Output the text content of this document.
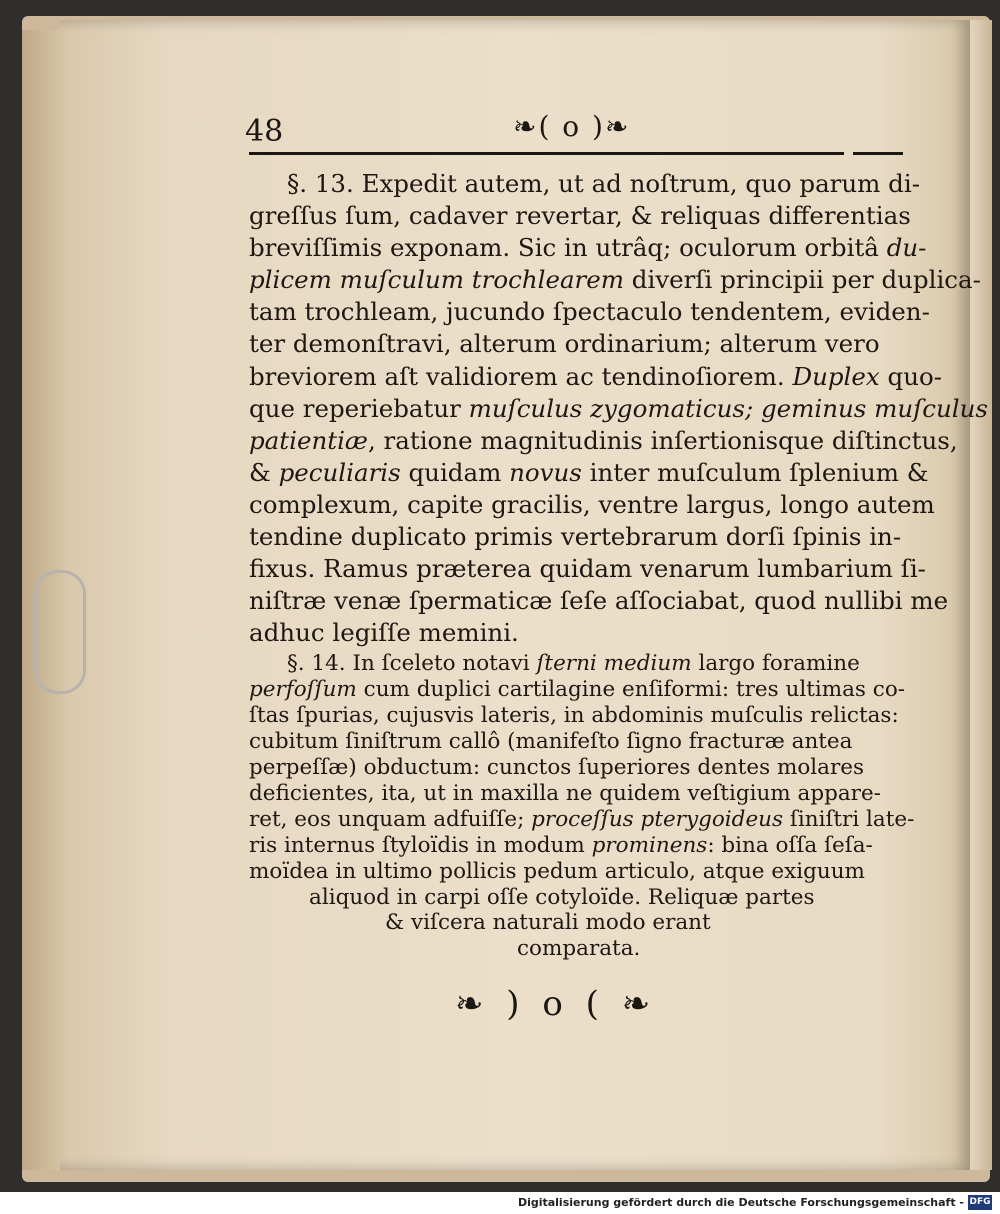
48	❧( o )❧

§. 13. Expedit autem, ut ad noſtrum, quo parum di-

greſſus ſum, cadaver revertar, & reliquas differentias

breviſſimis exponam. Sic in utrâq; oculorum orbitâ du-

plicem muſculum trochlearem diverſi principii per duplica-

tam trochleam, jucundo ſpectaculo tendentem, eviden-

ter demonſtravi, alterum ordinarium; alterum vero

breviorem aſt validiorem ac tendinoſiorem. Duplex quo-

que reperiebatur muſculus zygomaticus; geminus muſculus

patientiæ, ratione magnitudinis inſertionisque diſtinctus,

& peculiaris quidam novus inter muſculum ſplenium &

complexum, capite gracilis, ventre largus, longo autem

tendine duplicato primis vertebrarum dorſi ſpinis in-

fixus. Ramus præterea quidam venarum lumbarium ſi-

niſtræ venæ ſpermaticæ ſeſe aſſociabat, quod nullibi me

adhuc legiſſe memini.

§. 14. In ſceleto notavi ſterni medium largo foramine

perfoſſum cum duplici cartilagine enſiformi: tres ultimas co-

ſtas ſpurias, cujusvis lateris, in abdominis muſculis relictas:

cubitum ſiniſtrum callô (manifeſto ſigno fracturæ antea

perpeſſæ) obductum: cunctos ſuperiores dentes molares

deficientes, ita, ut in maxilla ne quidem veſtigium appare-

ret, eos unquam adfuiſſe; proceſſus pterygoideus ſiniſtri late-

ris internus ſtyloïdis in modum prominens: bina oſſa ſeſa-

moïdea in ultimo pollicis pedum articulo, atque exiguum

aliquod in carpi oſſe cotyloïde. Reliquæ partes

& viſcera naturali modo erant

comparata.

❧ ) o ( ❧
Digitalisierung gefördert durch die Deutsche Forschungsgemeinschaft - DFG
